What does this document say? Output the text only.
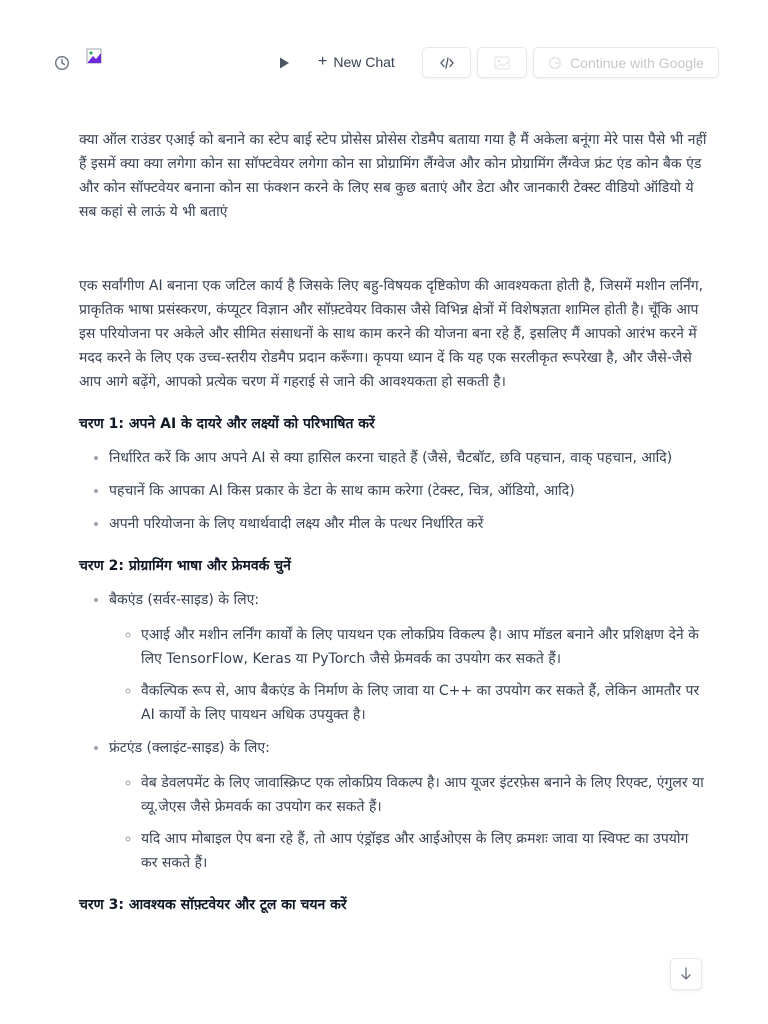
+ New Chat	Continue with Google

क्या ऑल राउंडर एआई को बनाने का स्टेप बाई स्टेप प्रोसेस प्रोसेस रोडमैप बताया गया है मैं अकेला बनूंगा मेरे पास पैसे भी नहीं हैं इसमें क्या क्या लगेगा कोन सा सॉफ्टवेयर लगेगा कोन सा प्रोग्रामिंग लैंग्वेज और कोन प्रोग्रामिंग लैंग्वेज फ्रंट एंड कोन बैक एंड और कोन सॉफ्टवेयर बनाना कोन सा फंक्शन करने के लिए सब कुछ बताएं और डेटा और जानकारी टेक्स्ट वीडियो ऑडियो ये सब कहां से लाऊं ये भी बताएं

एक सर्वांगीण AI बनाना एक जटिल कार्य है जिसके लिए बहु-विषयक दृष्टिकोण की आवश्यकता होती है, जिसमें मशीन लर्निंग, प्राकृतिक भाषा प्रसंस्करण, कंप्यूटर विज्ञान और सॉफ़्टवेयर विकास जैसे विभिन्न क्षेत्रों में विशेषज्ञता शामिल होती है। चूँकि आप इस परियोजना पर अकेले और सीमित संसाधनों के साथ काम करने की योजना बना रहे हैं, इसलिए मैं आपको आरंभ करने में मदद करने के लिए एक उच्च-स्तरीय रोडमैप प्रदान करूँगा। कृपया ध्यान दें कि यह एक सरलीकृत रूपरेखा है, और जैसे-जैसे आप आगे बढ़ेंगे, आपको प्रत्येक चरण में गहराई से जाने की आवश्यकता हो सकती है।

चरण 1: अपने AI के दायरे और लक्ष्यों को परिभाषित करें
• निर्धारित करें कि आप अपने AI से क्या हासिल करना चाहते हैं (जैसे, चैटबॉट, छवि पहचान, वाक् पहचान, आदि)
• पहचानें कि आपका AI किस प्रकार के डेटा के साथ काम करेगा (टेक्स्ट, चित्र, ऑडियो, आदि)
• अपनी परियोजना के लिए यथार्थवादी लक्ष्य और मील के पत्थर निर्धारित करें
चरण 2: प्रोग्रामिंग भाषा और फ्रेमवर्क चुनें
• बैकएंड (सर्वर-साइड) के लिए:
◦ एआई और मशीन लर्निंग कार्यों के लिए पायथन एक लोकप्रिय विकल्प है। आप मॉडल बनाने और प्रशिक्षण देने के लिए TensorFlow, Keras या PyTorch जैसे फ्रेमवर्क का उपयोग कर सकते हैं।
◦ वैकल्पिक रूप से, आप बैकएंड के निर्माण के लिए जावा या C++ का उपयोग कर सकते हैं, लेकिन आमतौर पर AI कार्यों के लिए पायथन अधिक उपयुक्त है।
• फ्रंटएंड (क्लाइंट-साइड) के लिए:
◦ वेब डेवलपमेंट के लिए जावास्क्रिप्ट एक लोकप्रिय विकल्प है। आप यूजर इंटरफ़ेस बनाने के लिए रिएक्ट, एंगुलर या व्यू.जेएस जैसे फ्रेमवर्क का उपयोग कर सकते हैं।
◦ यदि आप मोबाइल ऐप बना रहे हैं, तो आप एंड्रॉइड और आईओएस के लिए क्रमशः जावा या स्विफ्ट का उपयोग कर सकते हैं।
चरण 3: आवश्यक सॉफ़्टवेयर और टूल का चयन करें
